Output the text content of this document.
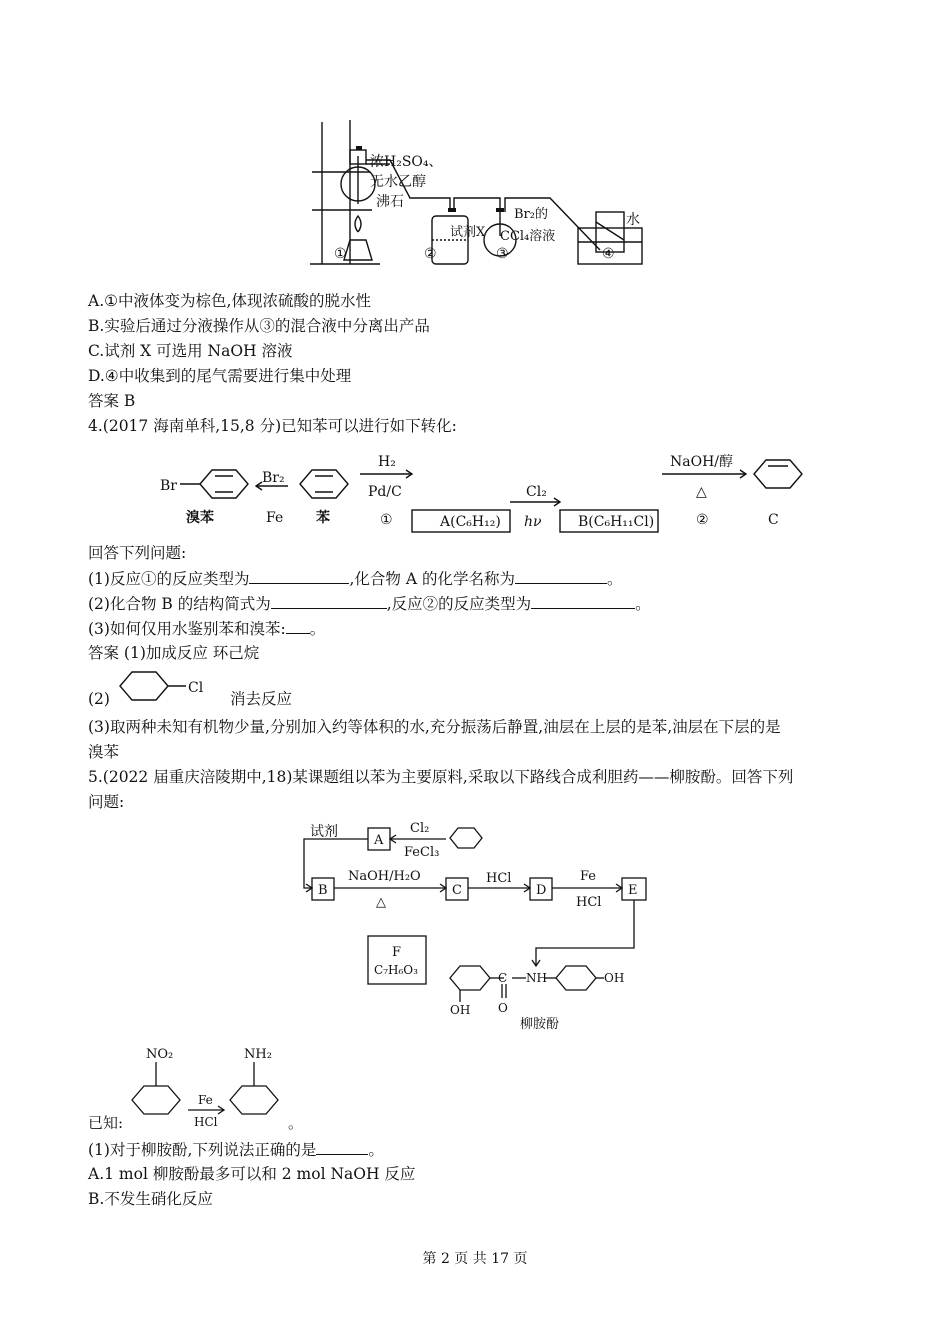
浓H₂SO₄、
无水乙醇
沸石
试剂X
Br₂的
CCl₄溶液
水
①	②	③	④
A.①中液体变为棕色,体现浓硫酸的脱水性
B.实验后通过分液操作从③的混合液中分离出产品
C.试剂 X 可选用 NaOH 溶液
D.④中收集到的尾气需要进行集中处理
答案 B
4.(2017 海南单科,15,8 分)已知苯可以进行如下转化:
Br
溴苯
Br₂
Fe 苯
H₂
Pd/C
①	A(C₆H₁₂)
Cl₂
hν	B(C₆H₁₁Cl)
NaOH/醇
△
②	C
回答下列问题:
(1)反应①的反应类型为	,化合物 A 的化学名称为	。
(2)化合物 B 的结构简式为	,反应②的反应类型为	。
(3)如何仅用水鉴别苯和溴苯: 。
答案 (1)加成反应 环己烷
(2)
Cl
消去反应
(3)取两种未知有机物少量,分别加入约等体积的水,充分振荡后静置,油层在上层的是苯,油层在下层的是
溴苯
5.(2022 届重庆涪陵期中,18)某课题组以苯为主要原料,采取以下路线合成利胆药——柳胺酚。回答下列
问题:
试剂
A
Cl₂
FeCl₃
B
NaOH/H₂O
△
C
HCl
D
Fe
HCl
E
F
C₇H₆O₃
C NH	OH
OH O
柳胺酚
已知:
NO₂	NH₂
Fe
HCl	。
(1)对于柳胺酚,下列说法正确的是	。
A.1 mol 柳胺酚最多可以和 2 mol NaOH 反应
B.不发生硝化反应
第 2 页 共 17 页
